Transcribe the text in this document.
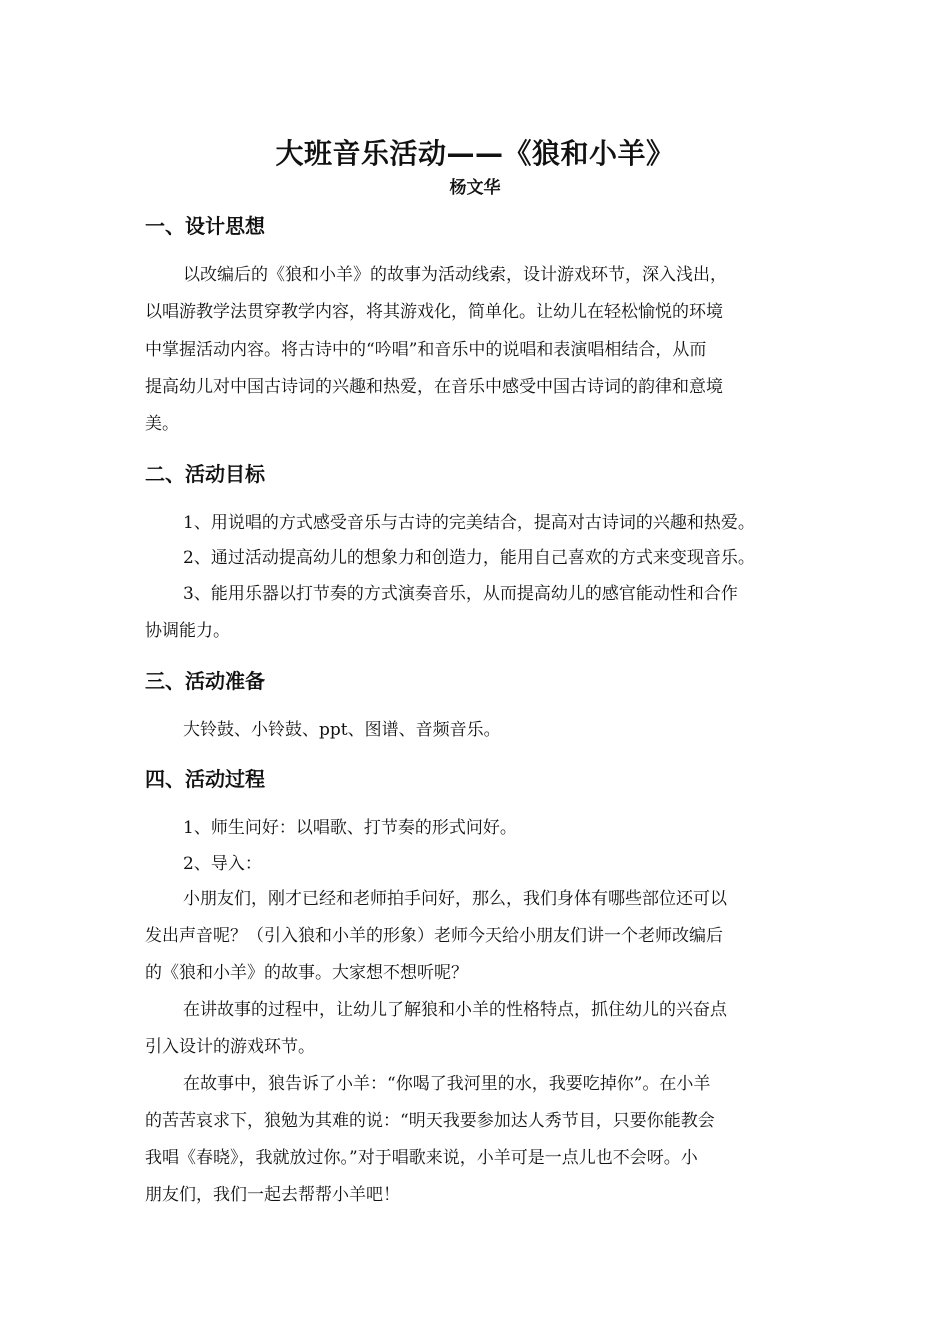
大班音乐活动——《狼和小羊》
杨文华
一、设计思想
以改编后的《狼和小羊》的故事为活动线索，设计游戏环节，深入浅出，
以唱游教学法贯穿教学内容，将其游戏化，简单化。让幼儿在轻松愉悦的环境
中掌握活动内容。将古诗中的“吟唱”和音乐中的说唱和表演唱相结合，从而
提高幼儿对中国古诗词的兴趣和热爱，在音乐中感受中国古诗词的韵律和意境
美。
二、活动目标
1、用说唱的方式感受音乐与古诗的完美结合，提高对古诗词的兴趣和热爱。
2、通过活动提高幼儿的想象力和创造力，能用自己喜欢的方式来变现音乐。
3、能用乐器以打节奏的方式演奏音乐，从而提高幼儿的感官能动性和合作
协调能力。
三、活动准备
大铃鼓、小铃鼓、ppt、图谱、音频音乐。
四、活动过程
1、师生问好：以唱歌、打节奏的形式问好。
2、导入：
小朋友们，刚才已经和老师拍手问好，那么，我们身体有哪些部位还可以
发出声音呢？（引入狼和小羊的形象）老师今天给小朋友们讲一个老师改编后
的《狼和小羊》的故事。大家想不想听呢？
在讲故事的过程中，让幼儿了解狼和小羊的性格特点，抓住幼儿的兴奋点
引入设计的游戏环节。
在故事中，狼告诉了小羊：“你喝了我河里的水，我要吃掉你”。在小羊
的苦苦哀求下，狼勉为其难的说：“明天我要参加达人秀节目，只要你能教会
我唱《春晓》，我就放过你。”对于唱歌来说，小羊可是一点儿也不会呀。小
朋友们，我们一起去帮帮小羊吧！
